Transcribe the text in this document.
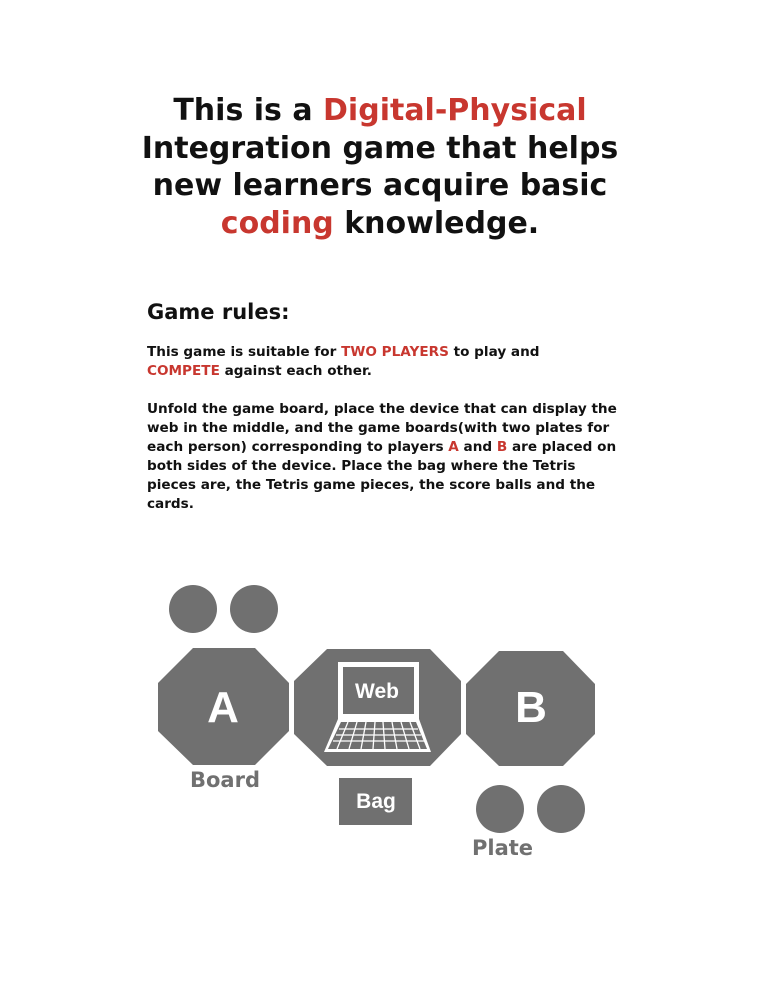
This is a Digital-Physical
Integration game that helps new learners acquire basic
coding knowledge.
Game rules:
This game is suitable for TWO PLAYERS to play and
COMPETE against each other.
Unfold the game board, place the device that can display the web in the middle, and the game boards(with two plates for each person) corresponding to players A and B are placed on both sides of the device. Place the bag where the Tetris pieces are, the Tetris game pieces, the score balls and the cards.
A	Web	B
Bag
Board
Plate
